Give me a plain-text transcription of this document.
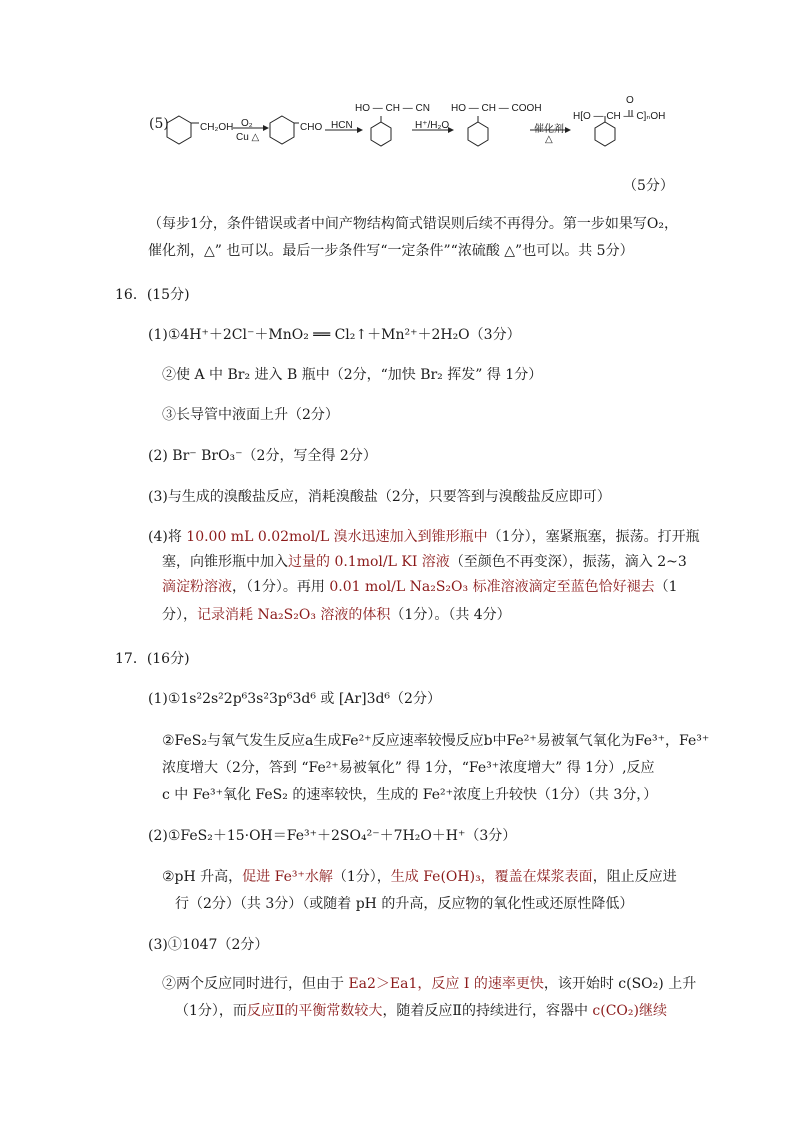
(5)	CH₂OH O₂
Cu △
CHO HCN
HO — CH — CN
H⁺/H₂O
HO — CH — COOH
催化剂
△
O
H[O — CH — C]ₙOH
（5分）
（每步1分，条件错误或者中间产物结构简式错误则后续不再得分。第一步如果写O₂，
催化剂，△” 也可以。最后一步条件写“一定条件”“浓硫酸 △”也可以。共 5分）
16．(15分)
(1)①4H⁺＋2Cl⁻＋MnO₂ ══ Cl₂↑＋Mn²⁺＋2H₂O（3分）
②使 A 中 Br₂ 进入 B 瓶中（2分，“加快 Br₂ 挥发” 得 1分）
③长导管中液面上升（2分）
(2) Br⁻ BrO₃⁻（2分，写全得 2分）
(3)与生成的溴酸盐反应，消耗溴酸盐（2分，只要答到与溴酸盐反应即可）
(4)将 10.00 mL 0.02mol/L 溴水迅速加入到锥形瓶中（1分），塞紧瓶塞，振荡。打开瓶
塞，向锥形瓶中加入过量的 0.1mol/L KI 溶液（至颜色不再变深），振荡，滴入 2~3
滴淀粉溶液，（1分）。再用 0.01 mol/L Na₂S₂O₃ 标准溶液滴定至蓝色恰好褪去（1
分），记录消耗 Na₂S₂O₃ 溶液的体积（1分）。（共 4分）
17．(16分)
(1)①1s²2s²2p⁶3s²3p⁶3d⁶ 或 [Ar]3d⁶（2分）
②FeS₂与氧气发生反应a生成Fe²⁺反应速率较慢反应b中Fe²⁺易被氧气氧化为Fe³⁺，Fe³⁺
浓度增大（2分，答到 “Fe²⁺易被氧化” 得 1分，“Fe³⁺浓度增大” 得 1分）,反应
c 中 Fe³⁺氧化 FeS₂ 的速率较快，生成的 Fe²⁺浓度上升较快（1分）（共 3分，）
(2)①FeS₂＋15·OH＝Fe³⁺＋2SO₄²⁻＋7H₂O＋H⁺（3分）
②pH 升高，促进 Fe³⁺水解（1分），生成 Fe(OH)₃，覆盖在煤浆表面，阻止反应进
行（2分）（共 3分）（或随着 pH 的升高，反应物的氧化性或还原性降低）
(3)①1047（2分）
②两个反应同时进行，但由于 Ea2＞Ea1，反应 I 的速率更快，该开始时 c(SO₂) 上升
（1分），而反应Ⅱ的平衡常数较大，随着反应Ⅱ的持续进行，容器中 c(CO₂)继续
